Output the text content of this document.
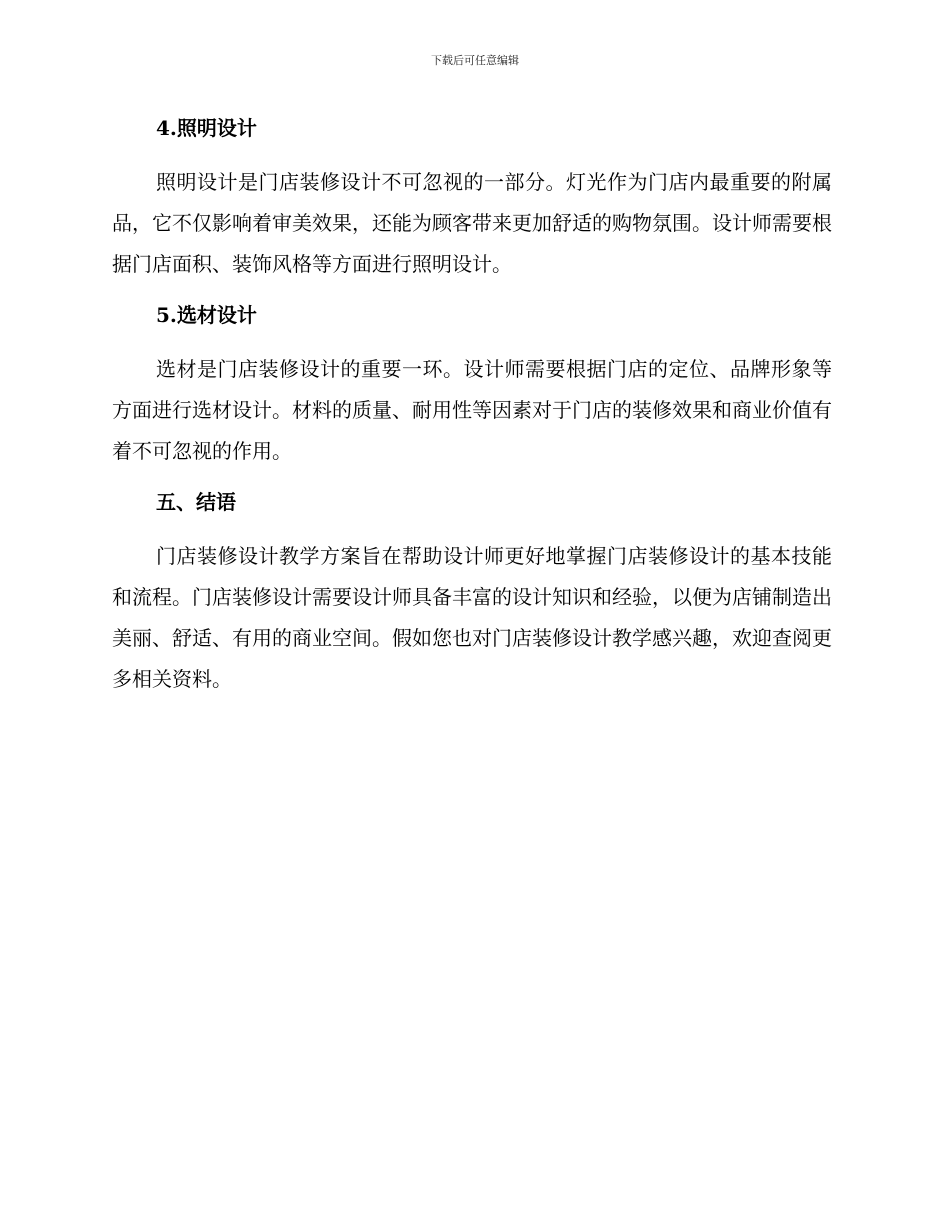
下载后可任意编辑
4.照明设计

照明设计是门店装修设计不可忽视的一部分。灯光作为门店内最重要的附属品，它不仅影响着审美效果，还能为顾客带来更加舒适的购物氛围。设计师需要根据门店面积、装饰风格等方面进行照明设计。

5.选材设计

选材是门店装修设计的重要一环。设计师需要根据门店的定位、品牌形象等方面进行选材设计。材料的质量、耐用性等因素对于门店的装修效果和商业价值有着不可忽视的作用。

五、结语

门店装修设计教学方案旨在帮助设计师更好地掌握门店装修设计的基本技能和流程。门店装修设计需要设计师具备丰富的设计知识和经验，以便为店铺制造出美丽、舒适、有用的商业空间。假如您也对门店装修设计教学感兴趣，欢迎查阅更多相关资料。
